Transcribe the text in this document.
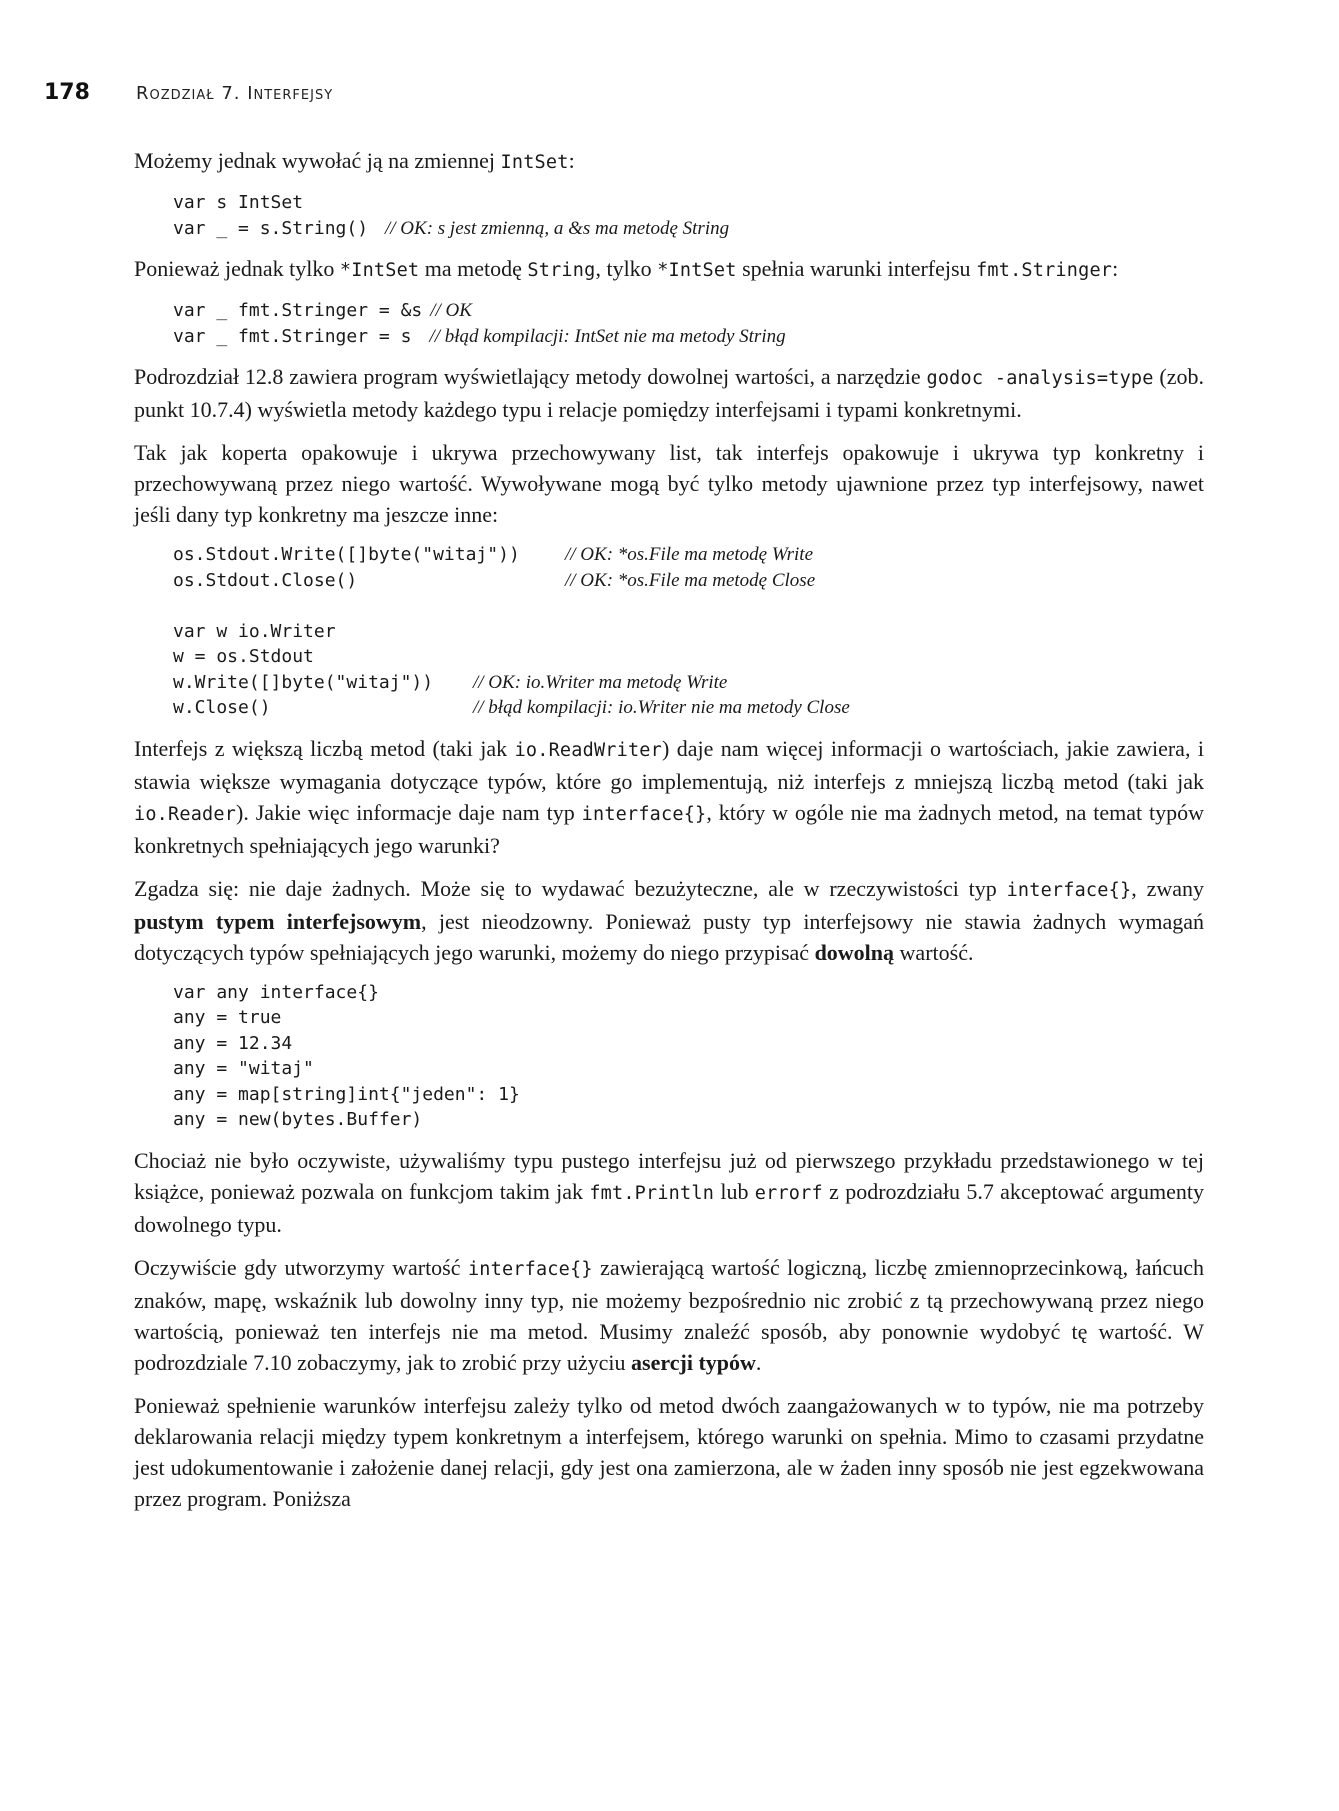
178	Rozdział 7. Interfejsy

Możemy jednak wywołać ją na zmiennej IntSet:

var s IntSet
var _ = s.String() // OK: s jest zmienną, a &s ma metodę String

Ponieważ jednak tylko *IntSet ma metodę String, tylko *IntSet spełnia warunki interfejsu fmt.Stringer:

var _ fmt.Stringer = &s // OK
var _ fmt.Stringer = s // błąd kompilacji: IntSet nie ma metody String

Podrozdział 12.8 zawiera program wyświetlający metody dowolnej wartości, a narzędzie godoc -analysis=type (zob. punkt 10.7.4) wyświetla metody każdego typu i relacje pomiędzy interfejsami i typami konkretnymi.

Tak jak koperta opakowuje i ukrywa przechowywany list, tak interfejs opakowuje i ukrywa typ konkretny i przechowywaną przez niego wartość. Wywoływane mogą być tylko metody ujawnione przez typ interfejsowy, nawet jeśli dany typ konkretny ma jeszcze inne:

os.Stdout.Write([]byte("witaj"))	// OK: *os.File ma metodę Write
os.Stdout.Close()	// OK: *os.File ma metodę Close
var w io.Writer
w = os.Stdout
w.Write([]byte("witaj"))	// OK: io.Writer ma metodę Write
w.Close()	// błąd kompilacji: io.Writer nie ma metody Close

Interfejs z większą liczbą metod (taki jak io.ReadWriter) daje nam więcej informacji o wartościach, jakie zawiera, i stawia większe wymagania dotyczące typów, które go implementują, niż interfejs z mniejszą liczbą metod (taki jak io.Reader). Jakie więc informacje daje nam typ interface{}, który w ogóle nie ma żadnych metod, na temat typów konkretnych spełniających jego warunki?

Zgadza się: nie daje żadnych. Może się to wydawać bezużyteczne, ale w rzeczywistości typ interface{}, zwany pustym typem interfejsowym, jest nieodzowny. Ponieważ pusty typ interfejsowy nie stawia żadnych wymagań dotyczących typów spełniających jego warunki, możemy do niego przypisać dowolną wartość.

var any interface{}
any = true
any = 12.34
any = "witaj"
any = map[string]int{"jeden": 1}
any = new(bytes.Buffer)

Chociaż nie było oczywiste, używaliśmy typu pustego interfejsu już od pierwszego przykładu przedstawionego w tej książce, ponieważ pozwala on funkcjom takim jak fmt.Println lub errorf z podrozdziału 5.7 akceptować argumenty dowolnego typu.

Oczywiście gdy utworzymy wartość interface{} zawierającą wartość logiczną, liczbę zmiennoprzecinkową, łańcuch znaków, mapę, wskaźnik lub dowolny inny typ, nie możemy bezpośrednio nic zrobić z tą przechowywaną przez niego wartością, ponieważ ten interfejs nie ma metod. Musimy znaleźć sposób, aby ponownie wydobyć tę wartość. W podrozdziale 7.10 zobaczymy, jak to zrobić przy użyciu asercji typów.

Ponieważ spełnienie warunków interfejsu zależy tylko od metod dwóch zaangażowanych w to typów, nie ma potrzeby deklarowania relacji między typem konkretnym a interfejsem, którego warunki on spełnia. Mimo to czasami przydatne jest udokumentowanie i założenie danej relacji, gdy jest ona zamierzona, ale w żaden inny sposób nie jest egzekwowana przez program. Poniższa
